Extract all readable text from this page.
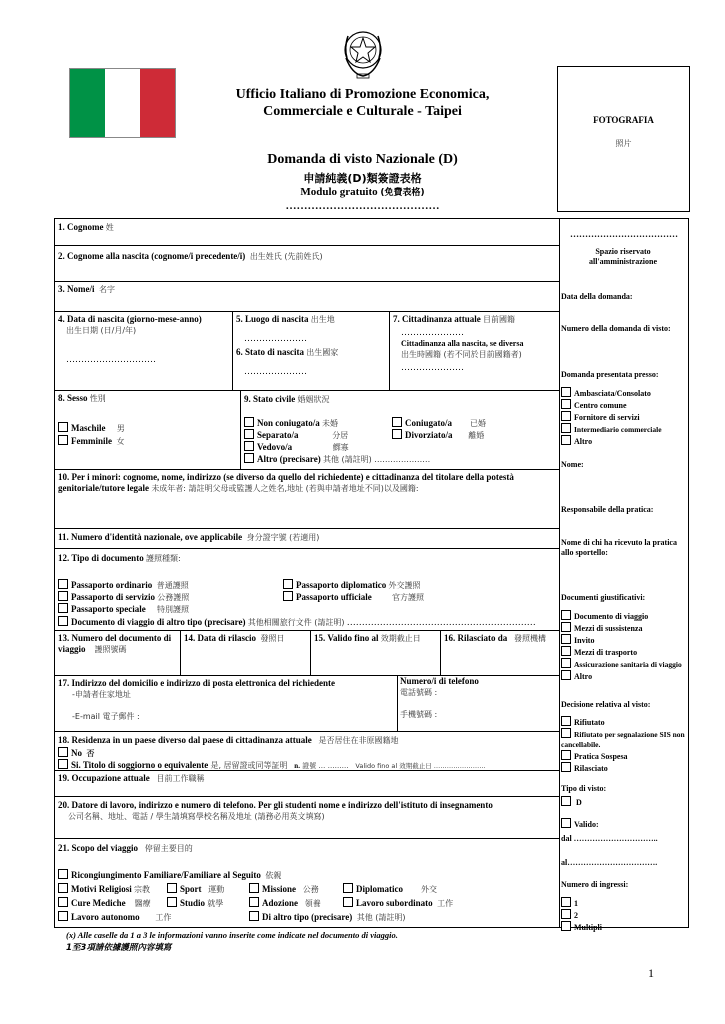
Ufficio Italiano di Promozione Economica,
Commerciale e Culturale - Taipei
Domanda di visto Nazionale (D)
申請純義(D)類簽證表格
Modulo gratuito (免費表格)
……………………………………
FOTOGRAFIA
照片
1. Cognome 姓
2. Cognome alla nascita (cognome/i precedente/i) 出生姓氏 (先前姓氏)
3. Nome/i 名字
4. Data di nascita (giorno-mese-anno)
出生日期 (日/月/年)
…………………………
5. Luogo di nascita 出生地
…………………
6. Stato di nascita 出生國家
…………………
7. Cittadinanza attuale 目前國籍
…………………
Cittadinanza alla nascita, se diversa
出生時國籍 (若不同於目前國籍者)
…………………
8. Sesso 性別
Maschile 男
Femminile 女
9. Stato civile 婚姻狀況
Non coniugato/a 未婚
Separato/a	分居
Vedovo/a	鰥寡
Altro (precisare) 其他 (請註明) …………………
Coniugato/a 已婚
Divorziato/a 離婚
10. Per i minori: cognome, nome, indirizzo (se diverso da quello del richiedente) e cittadinanza del titolare della potestà genitoriale/tutore legale 未成年者: 請註明父母或監護人之姓名,地址 (若與申請者地址不同)以及國籍:
11. Numero d'identità nazionale, ove applicabile 身分證字號 (若適用)
12. Tipo di documento 護照種類:
Passaporto ordinario 普通護照
Passaporto di servizio 公務護照
Passaporto speciale 特別護照
Passaporto diplomatico 外交護照
Passaporto ufficiale	官方護照
Documento di viaggio di altro tipo (precisare) 其他相關旅行文件 (請註明) ………………………………………………………
13. Numero del documento di viaggio 護照號碼
14. Data di rilascio 發照日	15. Valido fino al 效期截止日	16. Rilasciato da 發照機構
17. Indirizzo del domicilio e indirizzo di posta elettronica del richiedente
-申請者住家地址
-E-mail 電子郵件 :
Numero/i di telefono
電話號碼 :
手機號碼 :
18. Residenza in un paese diverso dal paese di cittadinanza attuale 是否居住在非原國籍地
No 否
Si. Titolo di soggiorno o equivalente 是, 居留證或同等証明 n. 證號 … ……… Valido fino al 效期截止日 ……………………
19. Occupazione attuale 目前工作職稱
20. Datore di lavoro, indirizzo e numero di telefono. Per gli studenti nome e indirizzo dell'istituto di insegnamento
公司名稱、地址、電話 / 學生請填寫學校名稱及地址 (請務必用英文填寫)
21. Scopo del viaggio 停留主要目的
Ricongiungimento Familiare/Familiare al Seguito 依親
Motivi Religiosi 宗教	Sport 運動	Missione 公務	Diplomatico 外交
Cure Mediche 醫療	Studio 就學	Adozione 領養	Lavoro subordinato 工作
Lavoro autonomo 工作	Di altro tipo (precisare) 其他 (請註明)
………………………………
Spazio riservato
all'amministrazione
Data della domanda:
Numero della domanda di visto:
Domanda presentata presso:
Ambasciata/Consolato
Centro comune
Fornitore di servizi
Intermediario commerciale
Altro
Nome:
Responsabile della pratica:
Nome di chi ha ricevuto la pratica allo sportello:
Documenti giustificativi:
Documento di viaggio
Mezzi di sussistenza
Invito
Mezzi di trasporto
Assicurazione sanitaria di viaggio
Altro
Decisione relativa al visto:
Rifiutato
Rifiutato per segnalazione SIS non cancellabile.
Pratica Sospesa
Rilasciato
Tipo di visto:
D
Valido:
dal …………………………..
al…………………………….
Numero di ingressi:
1
2
Multipli
(x) Alle caselle da 1 a 3 le informazioni vanno inserite come indicate nel documento di viaggio.
1至3項請依據護照內容填寫
1
